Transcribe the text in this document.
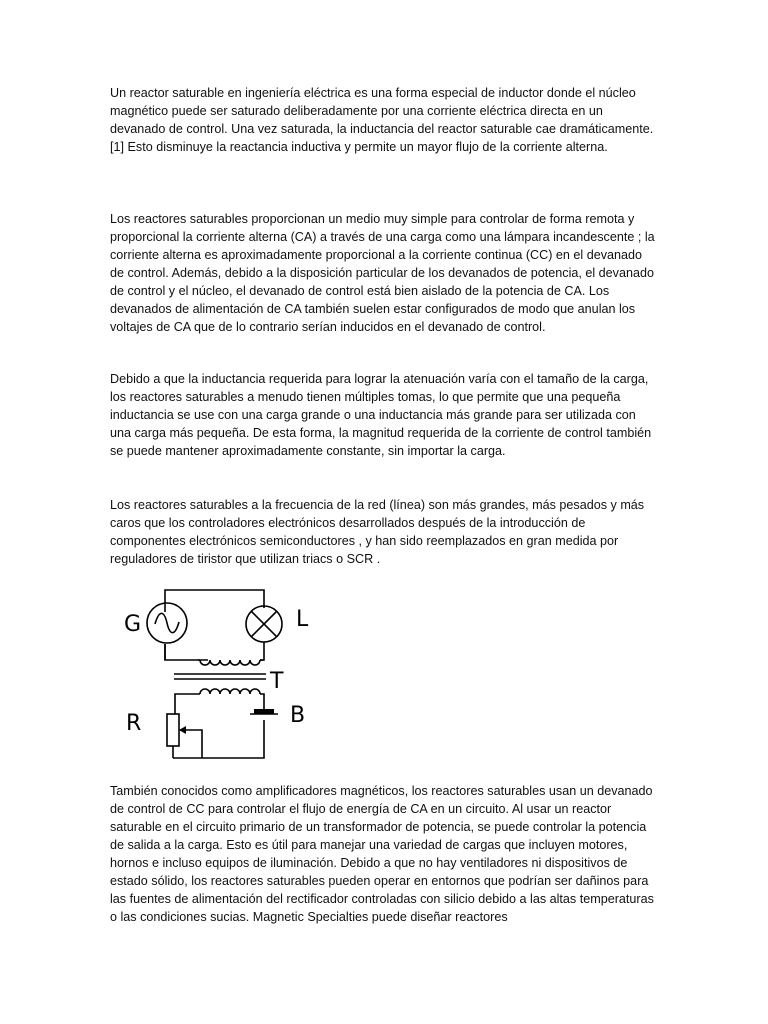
Un reactor saturable en ingeniería eléctrica es una forma especial de inductor donde el núcleo magnético puede ser saturado deliberadamente por una corriente eléctrica directa en un devanado de control. Una vez saturada, la inductancia del reactor saturable cae dramáticamente. [1] Esto disminuye la reactancia inductiva y permite un mayor flujo de la corriente alterna.

Los reactores saturables proporcionan un medio muy simple para controlar de forma remota y proporcional la corriente alterna (CA) a través de una carga como una lámpara incandescente ; la corriente alterna es aproximadamente proporcional a la corriente continua (CC) en el devanado de control. Además, debido a la disposición particular de los devanados de potencia, el devanado de control y el núcleo, el devanado de control está bien aislado de la potencia de CA. Los devanados de alimentación de CA también suelen estar configurados de modo que anulan los voltajes de CA que de lo contrario serían inducidos en el devanado de control.

Debido a que la inductancia requerida para lograr la atenuación varía con el tamaño de la carga, los reactores saturables a menudo tienen múltiples tomas, lo que permite que una pequeña inductancia se use con una carga grande o una inductancia más grande para ser utilizada con una carga más pequeña. De esta forma, la magnitud requerida de la corriente de control también se puede mantener aproximadamente constante, sin importar la carga.

Los reactores saturables a la frecuencia de la red (línea) son más grandes, más pesados y más caros que los controladores electrónicos desarrollados después de la introducción de componentes electrónicos semiconductores , y han sido reemplazados en gran medida por reguladores de tiristor que utilizan triacs o SCR .

G	L
T
R	B

También conocidos como amplificadores magnéticos, los reactores saturables usan un devanado de control de CC para controlar el flujo de energía de CA en un circuito. Al usar un reactor saturable en el circuito primario de un transformador de potencia, se puede controlar la potencia de salida a la carga. Esto es útil para manejar una variedad de cargas que incluyen motores, hornos e incluso equipos de iluminación. Debido a que no hay ventiladores ni dispositivos de estado sólido, los reactores saturables pueden operar en entornos que podrían ser dañinos para las fuentes de alimentación del rectificador controladas con silicio debido a las altas temperaturas o las condiciones sucias. Magnetic Specialties puede diseñar reactores
